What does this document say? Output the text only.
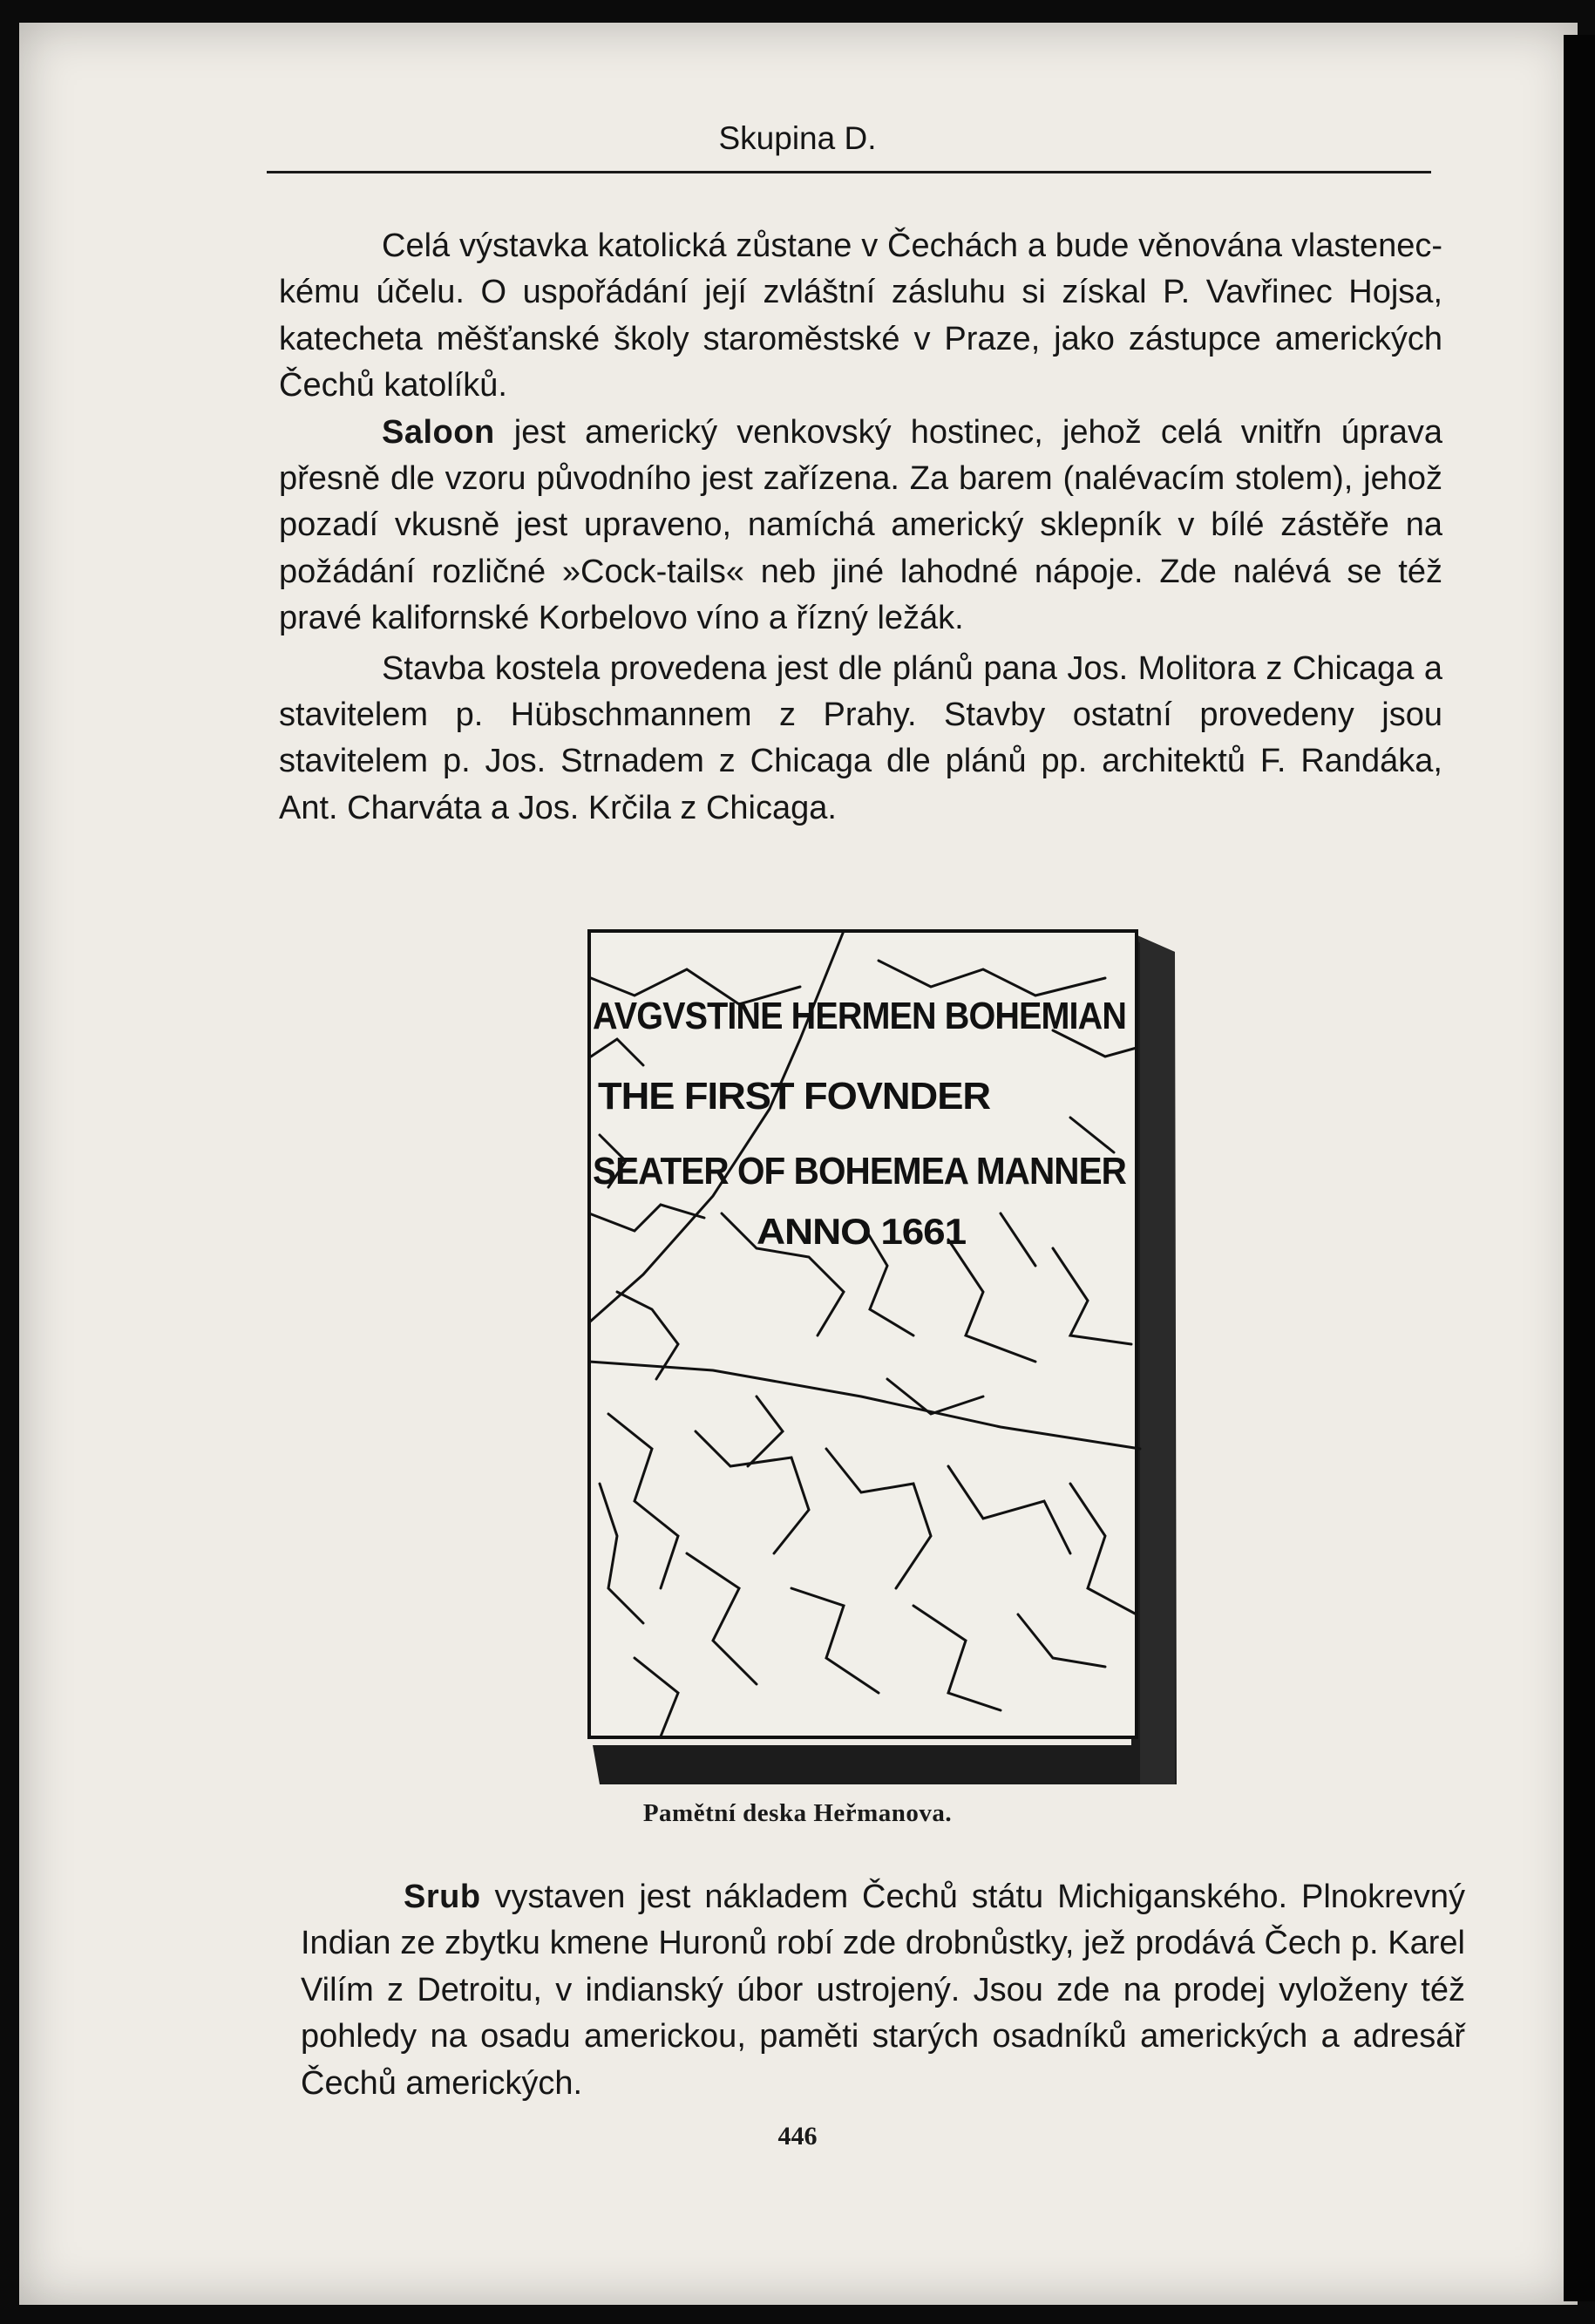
Skupina D.

Celá výstavka katolická zůstane v Čechách a bude věnována vlasteneckému účelu. O uspořádání její zvláštní zásluhu si získal P. Vavřinec Hojsa, katecheta měšťanské školy staroměstské v Praze, jako zástupce amerických Čechů katolíků.

Saloon jest americký venkovský hostinec, jehož celá vnitřn úprava přesně dle vzoru původního jest zařízena. Za barem (nalévacím stolem), jehož pozadí vkusně jest upraveno, namíchá americký sklepník v bílé zástěře na požádání rozličné »Cock-tails« neb jiné lahodné nápoje. Zde nalévá se též pravé kalifornské Korbelovo víno a řízný ležák.

Stavba kostela provedena jest dle plánů pana Jos. Molitora z Chicaga a stavitelem p. Hübschmannem z Prahy. Stavby ostatní provedeny jsou stavitelem p. Jos. Strnadem z Chicaga dle plánů pp. architektů F. Randáka, Ant. Charváta a Jos. Krčila z Chicaga.

AVGVSTINE HERMEN BOHEMIAN
THE FIRST FOVNDER
SEATER OF BOHEMEA MANNER
ANNO 1661
Pamětní deska Heřmanova.

Srub vystaven jest nákladem Čechů státu Michiganského. Plnokrevný Indian ze zbytku kmene Huronů robí zde drobnůstky, jež prodává Čech p. Karel Vilím z Detroitu, v indianský úbor ustrojený. Jsou zde na prodej vyloženy též pohledy na osadu americkou, paměti starých osadníků amerických a adresář Čechů amerických.

446
